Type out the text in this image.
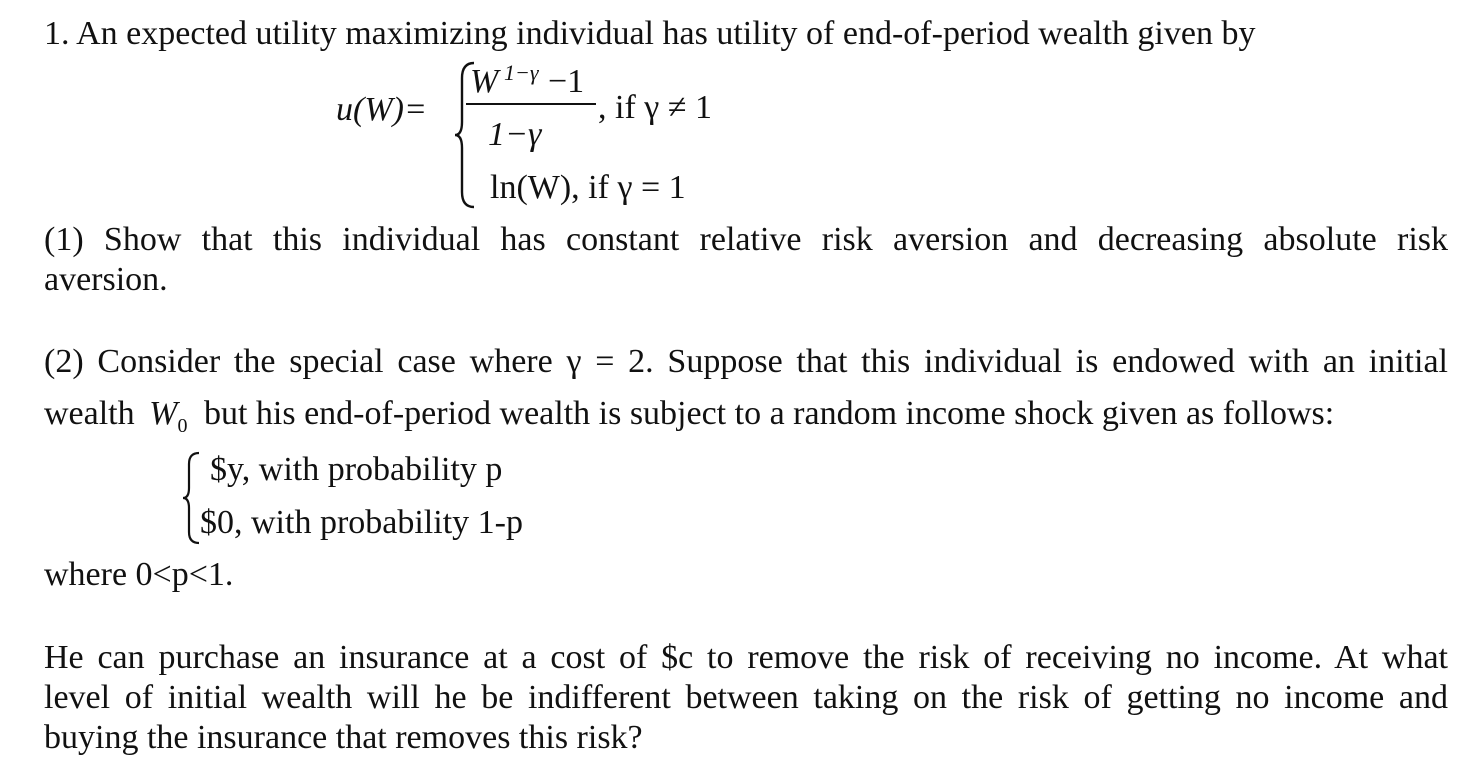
1. An expected utility maximizing individual has utility of end-of-period wealth given by
u(W)=
W 1−γ −1
1−γ
, if γ ≠ 1
ln(W), if γ = 1
(1) Show that this individual has constant relative risk aversion and decreasing absolute risk
aversion.
(2) Consider the special case where γ = 2. Suppose that this individual is endowed with an initial
wealth $W_0$ but his end-of-period wealth is subject to a random income shock given as follows:
$y, with probability p
$0, with probability 1-p
where 0<p<1.
He can purchase an insurance at a cost of $c to remove the risk of receiving no income. At what
level of initial wealth will he be indifferent between taking on the risk of getting no income and
buying the insurance that removes this risk?
